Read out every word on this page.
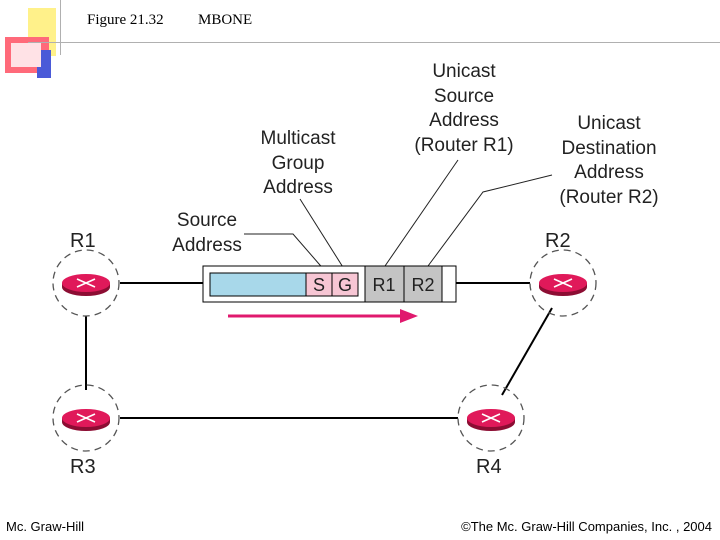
Figure 21.32 MBONE
S G R1 R2
R1	R2
R3	R4
Unicast
Source
Address
(Router R1)
Multicast
Group
Address
Unicast
Destination
Address
(Router R2)
Source
Address
Mc. Graw-Hill	©The Mc. Graw-Hill Companies, Inc. , 2004
